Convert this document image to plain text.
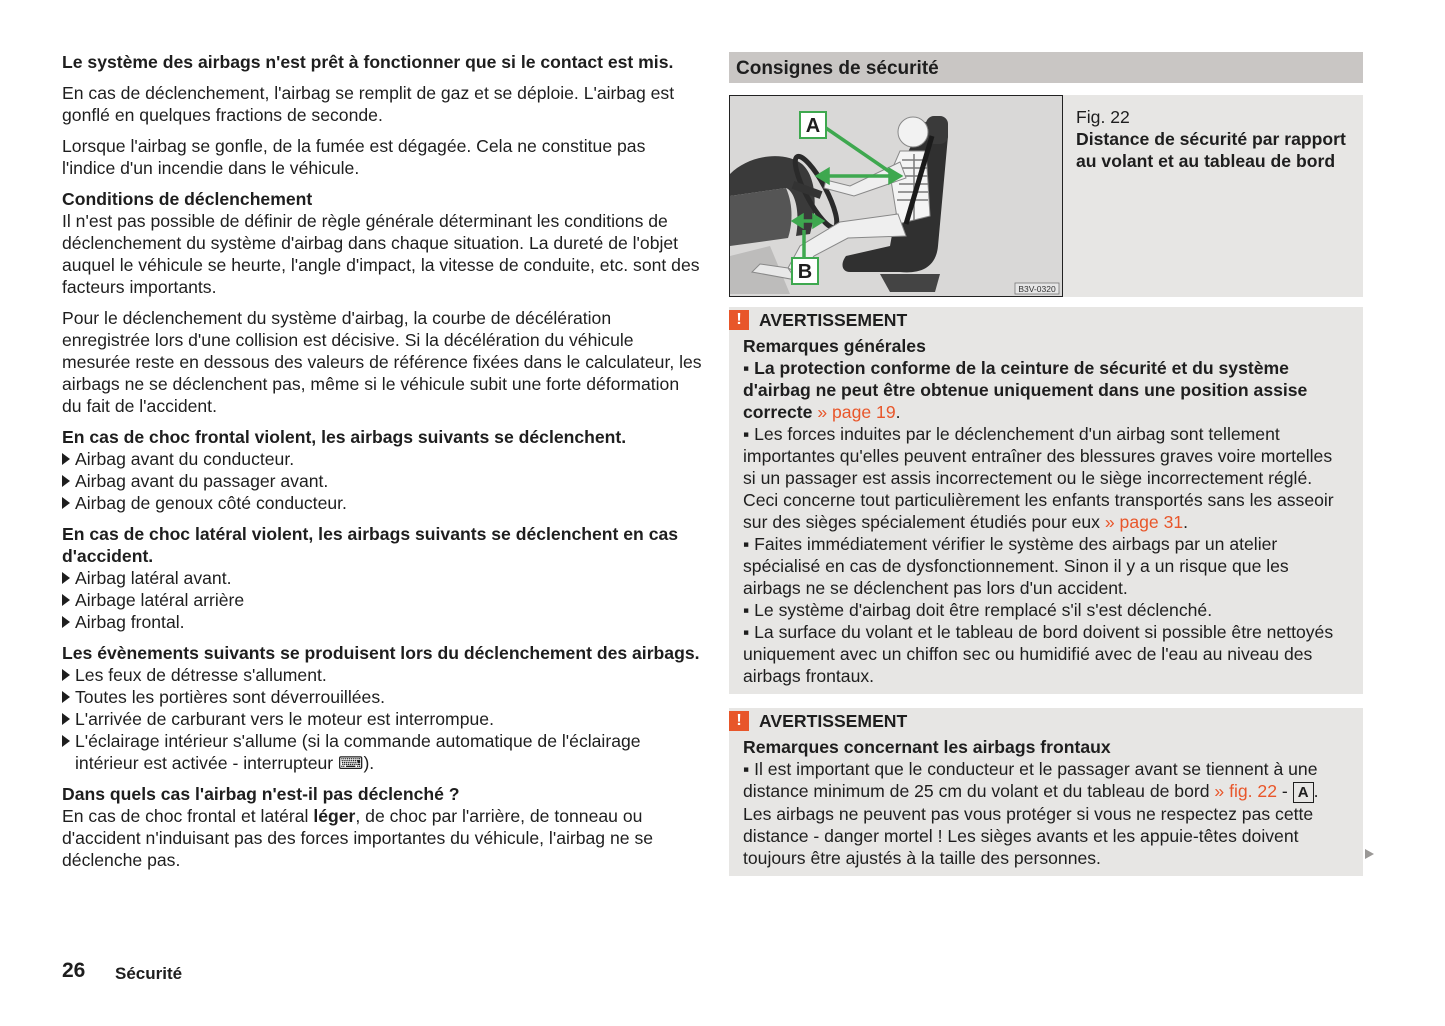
Le système des airbags n'est prêt à fonctionner que si le contact est mis.

En cas de déclenchement, l'airbag se remplit de gaz et se déploie. L'airbag est gonflé en quelques fractions de seconde.

Lorsque l'airbag se gonfle, de la fumée est dégagée. Cela ne constitue pas l'indice d'un incendie dans le véhicule.

Conditions de déclenchement

Il n'est pas possible de définir de règle générale déterminant les conditions de déclenchement du système d'airbag dans chaque situation. La dureté de l'objet auquel le véhicule se heurte, l'angle d'impact, la vitesse de conduite, etc. sont des facteurs importants.

Pour le déclenchement du système d'airbag, la courbe de décélération enregistrée lors d'une collision est décisive. Si la décélération du véhicule mesurée reste en dessous des valeurs de référence fixées dans le calculateur, les airbags ne se déclenchent pas, même si le véhicule subit une forte déformation du fait de l'accident.

En cas de choc frontal violent, les airbags suivants se déclenchent.

Airbag avant du conducteur.

Airbag avant du passager avant.

Airbag de genoux côté conducteur.

En cas de choc latéral violent, les airbags suivants se déclenchent en cas d'accident.

Airbag latéral avant.

Airbage latéral arrière

Airbag frontal.

Les évènements suivants se produisent lors du déclenchement des airbags.

Les feux de détresse s'allument.

Toutes les portières sont déverrouillées.

L'arrivée de carburant vers le moteur est interrompue.

L'éclairage intérieur s'allume (si la commande automatique de l'éclairage intérieur est activée - interrupteur ⌨).

Dans quels cas l'airbag n'est-il pas déclenché ?

En cas de choc frontal et latéral léger, de choc par l'arrière, de tonneau ou d'accident n'induisant pas des forces importantes du véhicule, l'airbag ne se déclenche pas.

Consignes de sécurité
A
B
B3V-0320

Fig. 22

Distance de sécurité par rapport au volant et au tableau de bord

! AVERTISSEMENT

Remarques générales

▪ La protection conforme de la ceinture de sécurité et du système d'airbag ne peut être obtenue uniquement dans une position assise correcte » page 19.

▪ Les forces induites par le déclenchement d'un airbag sont tellement importantes qu'elles peuvent entraîner des blessures graves voire mortelles si un passager est assis incorrectement ou le siège incorrectement réglé. Ceci concerne tout particulièrement les enfants transportés sans les asseoir sur des sièges spécialement étudiés pour eux » page 31.

▪ Faites immédiatement vérifier le système des airbags par un atelier spécialisé en cas de dysfonctionnement. Sinon il y a un risque que les airbags ne se déclenchent pas lors d'un accident.

▪ Le système d'airbag doit être remplacé s'il s'est déclenché.

▪ La surface du volant et le tableau de bord doivent si possible être nettoyés uniquement avec un chiffon sec ou humidifié avec de l'eau au niveau des airbags frontaux.

! AVERTISSEMENT

Remarques concernant les airbags frontaux

▪ Il est important que le conducteur et le passager avant se tiennent à une distance minimum de 25 cm du volant et du tableau de bord » fig. 22 - A . Les airbags ne peuvent pas vous protéger si vous ne respectez pas cette distance - danger mortel ! Les sièges avants et les appuie-têtes doivent toujours être ajustés à la taille des personnes.

26 Sécurité
